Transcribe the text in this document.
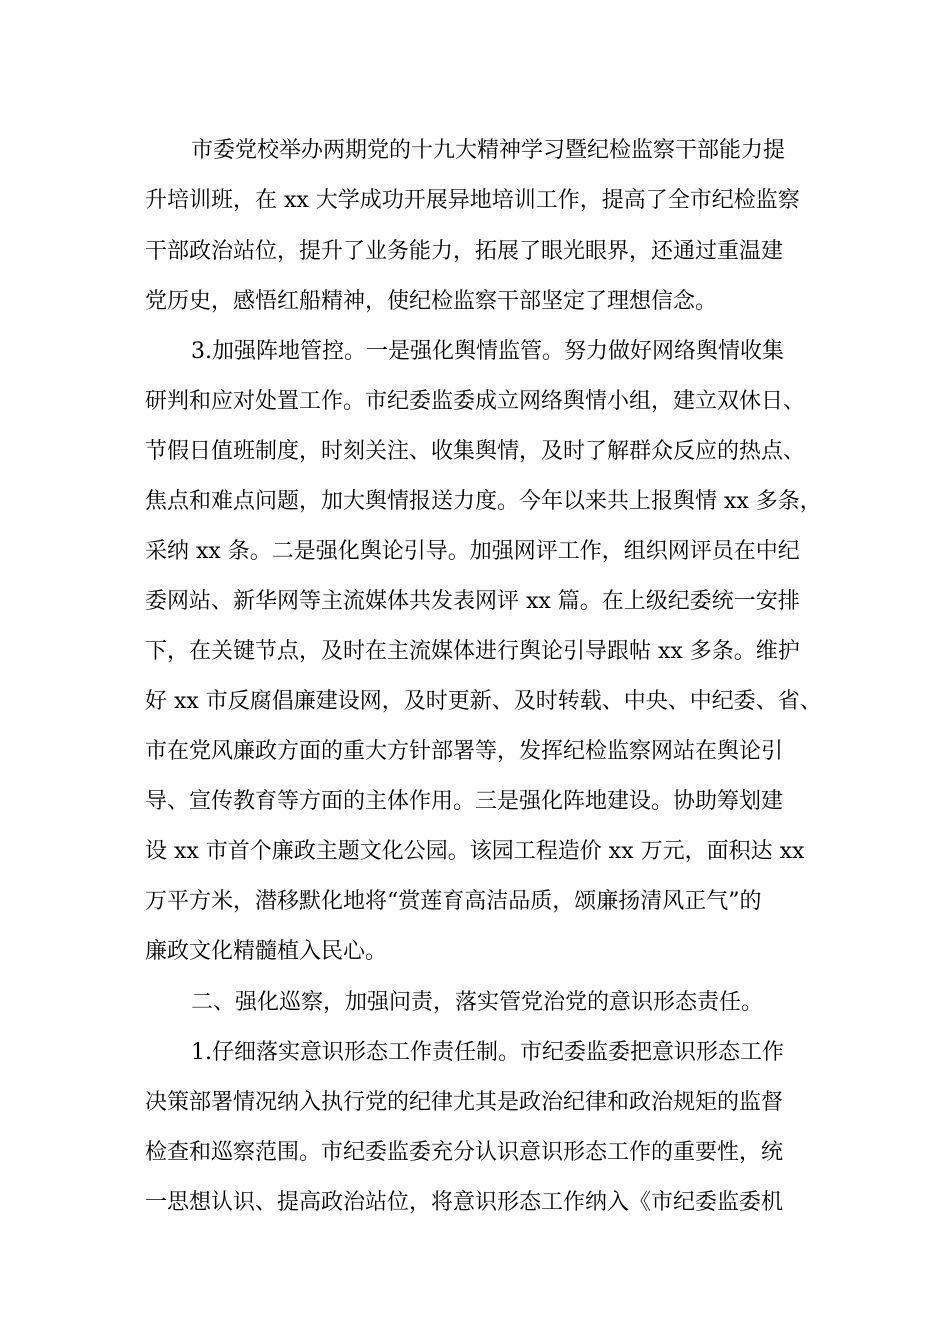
市委党校举办两期党的十九大精神学习暨纪检监察干部能力提
升培训班，在 xx 大学成功开展异地培训工作，提高了全市纪检监察
干部政治站位，提升了业务能力，拓展了眼光眼界，还通过重温建
党历史，感悟红船精神，使纪检监察干部坚定了理想信念。
3.加强阵地管控。一是强化舆情监管。努力做好网络舆情收集
研判和应对处置工作。市纪委监委成立网络舆情小组，建立双休日、
节假日值班制度，时刻关注、收集舆情，及时了解群众反应的热点、
焦点和难点问题，加大舆情报送力度。今年以来共上报舆情 xx 多条，
采纳 xx 条。二是强化舆论引导。加强网评工作，组织网评员在中纪
委网站、新华网等主流媒体共发表网评 xx 篇。在上级纪委统一安排
下，在关键节点，及时在主流媒体进行舆论引导跟帖 xx 多条。维护
好 xx 市反腐倡廉建设网，及时更新、及时转载、中央、中纪委、省、
市在党风廉政方面的重大方针部署等，发挥纪检监察网站在舆论引
导、宣传教育等方面的主体作用。三是强化阵地建设。协助筹划建
设 xx 市首个廉政主题文化公园。该园工程造价 xx 万元，面积达 xx
万平方米，潜移默化地将“赏莲育高洁品质，颂廉扬清风正气”的
廉政文化精髓植入民心。
二、强化巡察，加强问责，落实管党治党的意识形态责任。
1.仔细落实意识形态工作责任制。市纪委监委把意识形态工作
决策部署情况纳入执行党的纪律尤其是政治纪律和政治规矩的监督
检查和巡察范围。市纪委监委充分认识意识形态工作的重要性，统
一思想认识、提高政治站位，将意识形态工作纳入《市纪委监委机
